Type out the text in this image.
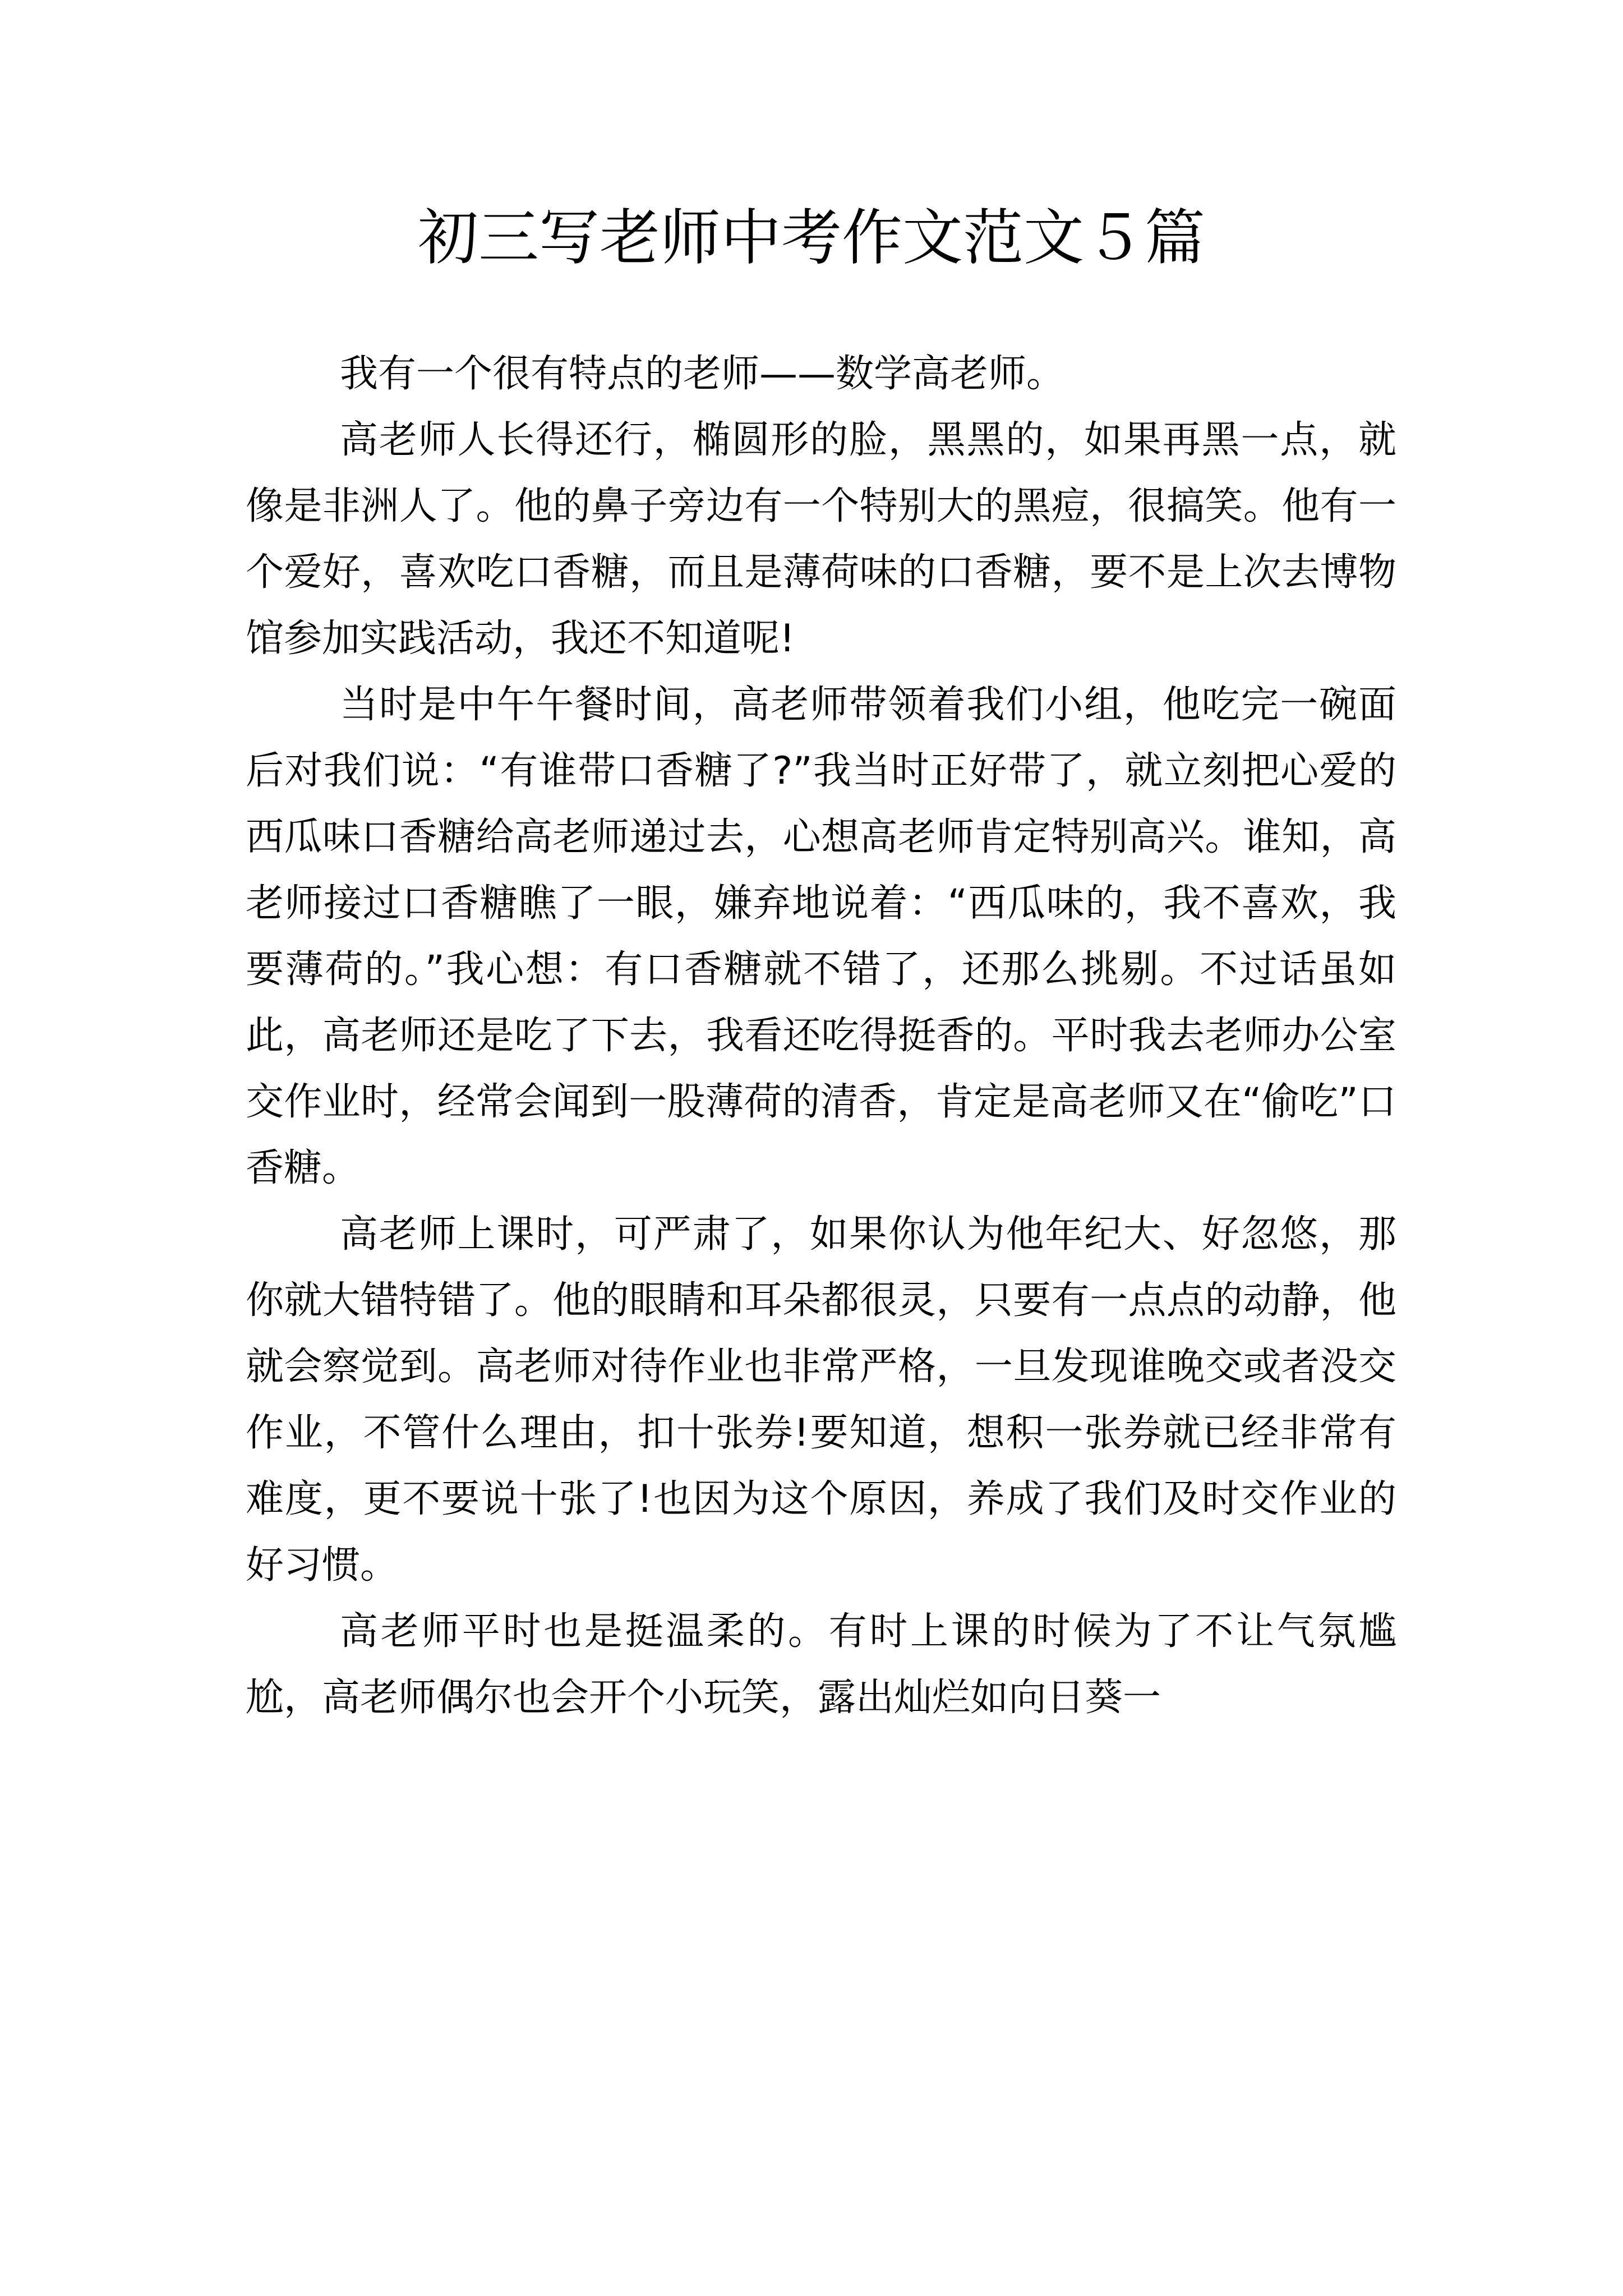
初三写老师中考作文范文５篇

我有一个很有特点的老师——数学高老师。

高老师人长得还行，椭圆形的脸，黑黑的，如果再黑一点，就像是非洲人了。他的鼻子旁边有一个特别大的黑痘，很搞笑。他有一个爱好，喜欢吃口香糖，而且是薄荷味的口香糖，要不是上次去博物馆参加实践活动，我还不知道呢!

当时是中午午餐时间，高老师带领着我们小组，他吃完一碗面后对我们说：“有谁带口香糖了?”我当时正好带了，就立刻把心爱的西瓜味口香糖给高老师递过去，心想高老师肯定特别高兴。谁知，高老师接过口香糖瞧了一眼，嫌弃地说着：“西瓜味的，我不喜欢，我要薄荷的。”我心想：有口香糖就不错了，还那么挑剔。不过话虽如此，高老师还是吃了下去，我看还吃得挺香的。平时我去老师办公室交作业时，经常会闻到一股薄荷的清香，肯定是高老师又在“偷吃”口香糖。

高老师上课时，可严肃了，如果你认为他年纪大、好忽悠，那你就大错特错了。他的眼睛和耳朵都很灵，只要有一点点的动静，他就会察觉到。高老师对待作业也非常严格，一旦发现谁晚交或者没交作业，不管什么理由，扣十张券!要知道，想积一张券就已经非常有难度，更不要说十张了!也因为这个原因，养成了我们及时交作业的好习惯。

高老师平时也是挺温柔的。有时上课的时候为了不让气氛尴尬，高老师偶尔也会开个小玩笑，露出灿烂如向日葵一
